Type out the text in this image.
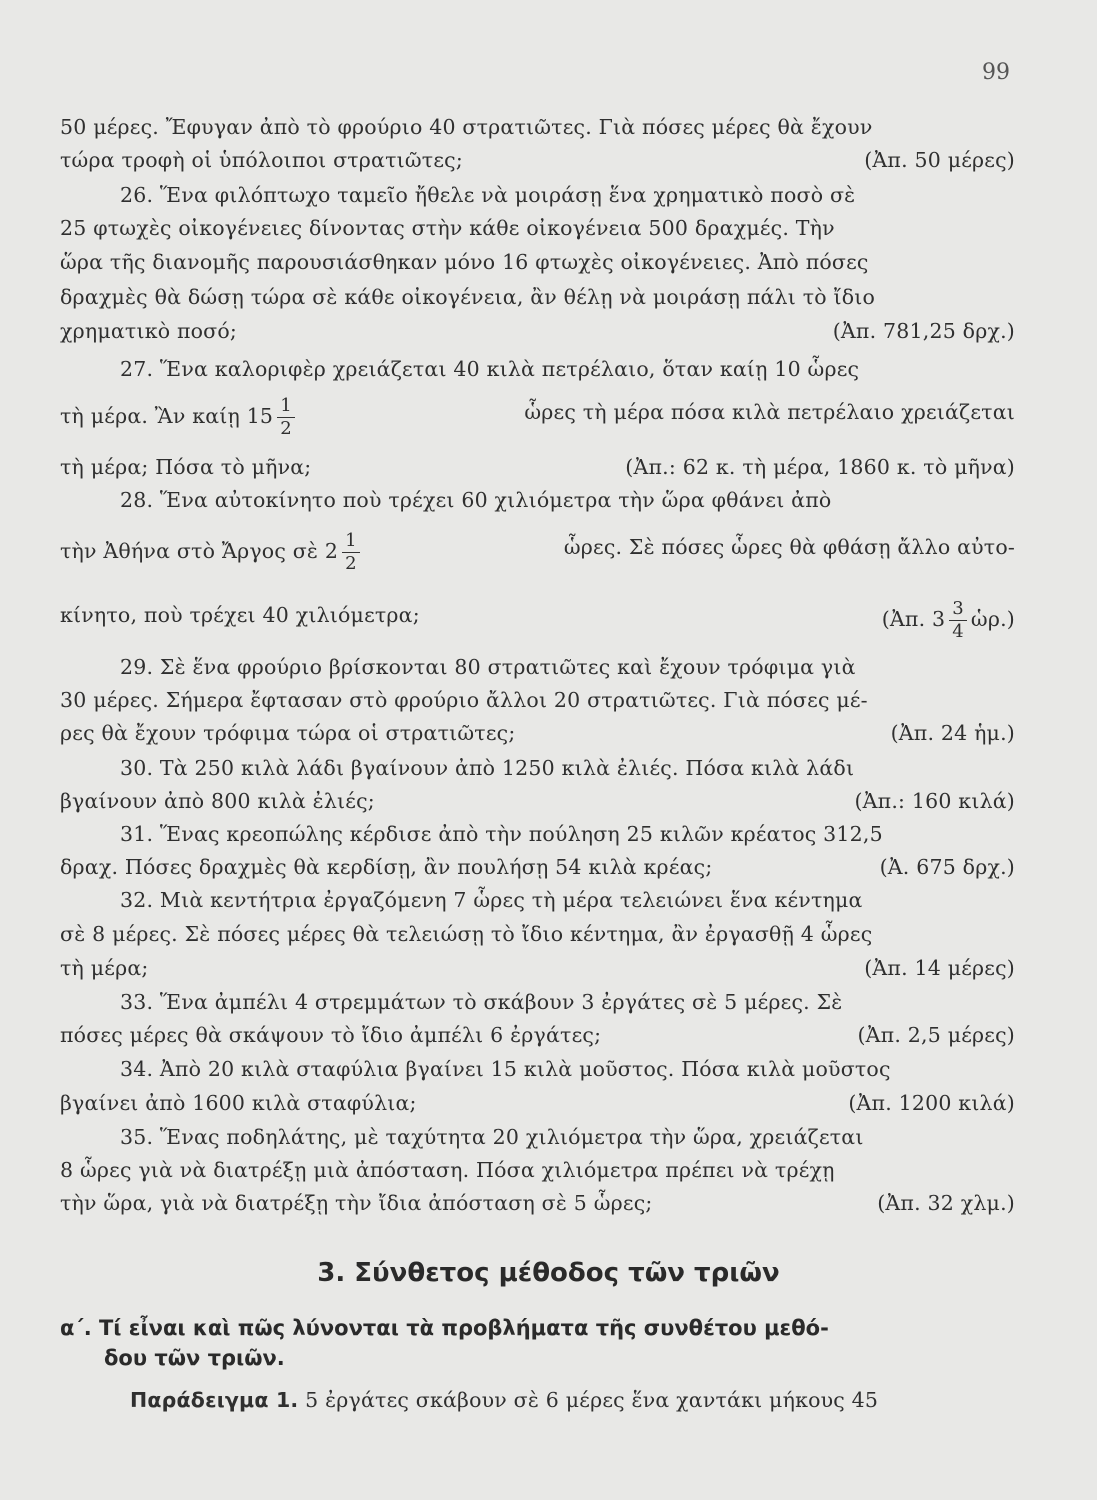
99
50 μέρες. Ἔφυγαν ἀπὸ τὸ φρούριο 40 στρατιῶτες. Γιὰ πόσες μέρες θὰ ἔχουν
τώρα τροφὴ οἱ ὑπόλοιποι στρατιῶτες;	(Ἀπ. 50 μέρες)
26. Ἕνα φιλόπτωχο ταμεῖο ἤθελε νὰ μοιράσῃ ἕνα χρηματικὸ ποσὸ σὲ
25 φτωχὲς οἰκογένειες δίνοντας στὴν κάθε οἰκογένεια 500 δραχμές. Τὴν
ὥρα τῆς διανομῆς παρουσιάσθηκαν μόνο 16 φτωχὲς οἰκογένειες. Ἀπὸ πόσες
δραχμὲς θὰ δώσῃ τώρα σὲ κάθε οἰκογένεια, ἂν θέλῃ νὰ μοιράσῃ πάλι τὸ ἴδιο
χρηματικὸ ποσό;	(Ἀπ. 781,25 δρχ.)
27. Ἕνα καλοριφὲρ χρειάζεται 40 κιλὰ πετρέλαιο, ὅταν καίῃ 10 ὧρες
τὴ μέρα. Ἂν καίῃ $15 \frac{1}{2}$	ὧρες τὴ μέρα πόσα κιλὰ πετρέλαιο χρειάζεται
τὴ μέρα; Πόσα τὸ μῆνα;	(Ἀπ.: 62 κ. τὴ μέρα, 1860 κ. τὸ μῆνα)
28. Ἕνα αὐτοκίνητο ποὺ τρέχει 60 χιλιόμετρα τὴν ὥρα φθάνει ἀπὸ
τὴν Ἀθήνα στὸ Ἄργος σὲ $2 \frac{1}{2}$	ὧρες. Σὲ πόσες ὧρες θὰ φθάσῃ ἄλλο αὐτο-
κίνητο, ποὺ τρέχει 40 χιλιόμετρα;	(Ἀπ. $3 \frac{3}{4}$ ὡρ.)
29. Σὲ ἕνα φρούριο βρίσκονται 80 στρατιῶτες καὶ ἔχουν τρόφιμα γιὰ
30 μέρες. Σήμερα ἔφτασαν στὸ φρούριο ἄλλοι 20 στρατιῶτες. Γιὰ πόσες μέ-
ρες θὰ ἔχουν τρόφιμα τώρα οἱ στρατιῶτες;	(Ἀπ. 24 ἡμ.)
30. Τὰ 250 κιλὰ λάδι βγαίνουν ἀπὸ 1250 κιλὰ ἐλιές. Πόσα κιλὰ λάδι
βγαίνουν ἀπὸ 800 κιλὰ ἐλιές;	(Ἀπ.: 160 κιλά)
31. Ἕνας κρεοπώλης κέρδισε ἀπὸ τὴν πούληση 25 κιλῶν κρέατος 312,5
δραχ. Πόσες δραχμὲς θὰ κερδίσῃ, ἂν πουλήσῃ 54 κιλὰ κρέας;	(Ἀ. 675 δρχ.)
32. Μιὰ κεντήτρια ἐργαζόμενη 7 ὧρες τὴ μέρα τελειώνει ἕνα κέντημα
σὲ 8 μέρες. Σὲ πόσες μέρες θὰ τελειώσῃ τὸ ἴδιο κέντημα, ἂν ἐργασθῇ 4 ὧρες
τὴ μέρα;	(Ἀπ. 14 μέρες)
33. Ἕνα ἀμπέλι 4 στρεμμάτων τὸ σκάβουν 3 ἐργάτες σὲ 5 μέρες. Σὲ
πόσες μέρες θὰ σκάψουν τὸ ἴδιο ἀμπέλι 6 ἐργάτες;	(Ἀπ. 2,5 μέρες)
34. Ἀπὸ 20 κιλὰ σταφύλια βγαίνει 15 κιλὰ μοῦστος. Πόσα κιλὰ μοῦστος
βγαίνει ἀπὸ 1600 κιλὰ σταφύλια;	(Ἀπ. 1200 κιλά)
35. Ἕνας ποδηλάτης, μὲ ταχύτητα 20 χιλιόμετρα τὴν ὥρα, χρειάζεται
8 ὧρες γιὰ νὰ διατρέξῃ μιὰ ἀπόσταση. Πόσα χιλιόμετρα πρέπει νὰ τρέχῃ
τὴν ὥρα, γιὰ νὰ διατρέξῃ τὴν ἴδια ἀπόσταση σὲ 5 ὧρες;	(Ἀπ. 32 χλμ.)
3. Σύνθετος μέθοδος τῶν τριῶν
α΄. Τί εἶναι καὶ πῶς λύνονται τὰ προβλήματα τῆς συνθέτου μεθό-
δου τῶν τριῶν.
Παράδειγμα 1. 5 ἐργάτες σκάβουν σὲ 6 μέρες ἕνα χαντάκι μήκους 45
